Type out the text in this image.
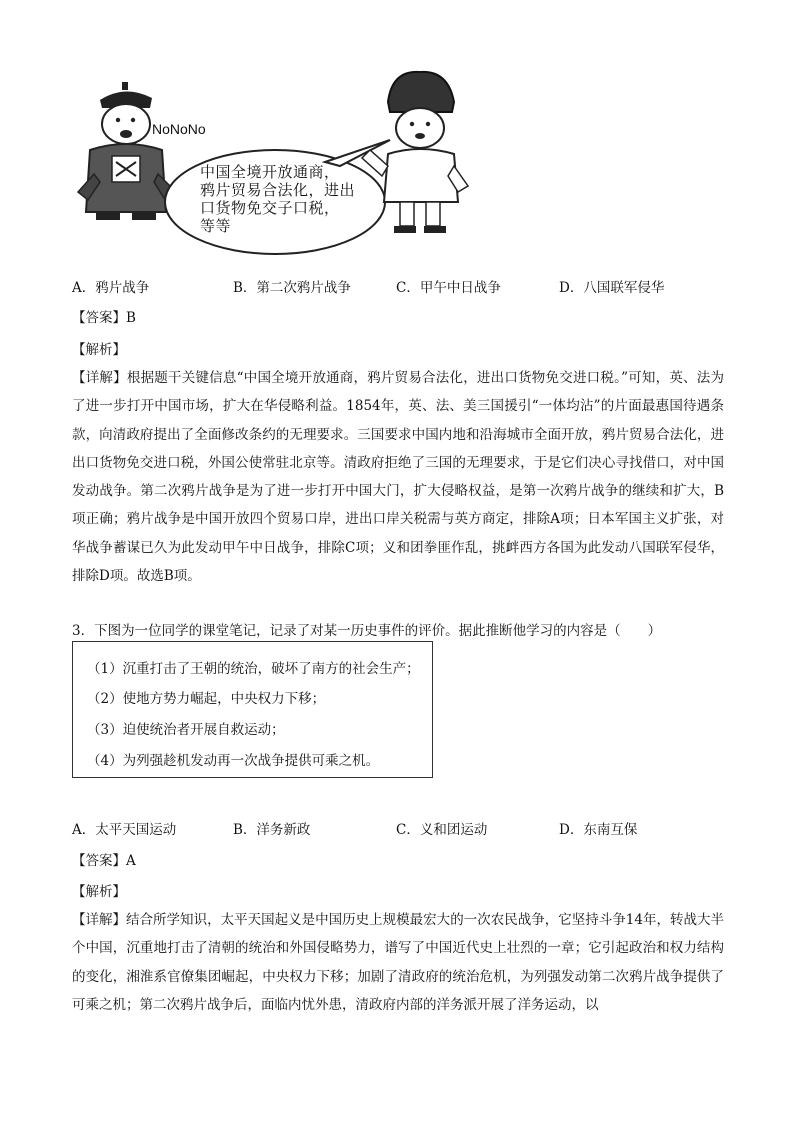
NoNoNo
中国全境开放通商，
鸦片贸易合法化，进出
口货物免交子口税，
等等
A．鸦片战争	B．第二次鸦片战争	C．甲午中日战争	D．八国联军侵华
【答案】B
【解析】
【详解】根据题干关键信息“中国全境开放通商，鸦片贸易合法化，进出口货物免交进口税。”可知，英、法为了进一步打开中国市场，扩大在华侵略利益。1854年，英、法、美三国援引“一体均沾”的片面最惠国待遇条款，向清政府提出了全面修改条约的无理要求。三国要求中国内地和沿海城市全面开放，鸦片贸易合法化，进出口货物免交进口税，外国公使常驻北京等。清政府拒绝了三国的无理要求，于是它们决心寻找借口，对中国发动战争。第二次鸦片战争是为了进一步打开中国大门，扩大侵略权益，是第一次鸦片战争的继续和扩大，B项正确；鸦片战争是中国开放四个贸易口岸，进出口岸关税需与英方商定，排除A项；日本军国主义扩张，对华战争蓄谋已久为此发动甲午中日战争，排除C项；义和团拳匪作乱，挑衅西方各国为此发动八国联军侵华，排除D项。故选B项。
3．下图为一位同学的课堂笔记，记录了对某一历史事件的评价。据此推断他学习的内容是（　　）
（1）沉重打击了王朝的统治，破坏了南方的社会生产；
（2）使地方势力崛起，中央权力下移；
（3）迫使统治者开展自救运动；
（4）为列强趁机发动再一次战争提供可乘之机。
A．太平天国运动	B．洋务新政	C．义和团运动	D．东南互保
【答案】A
【解析】
【详解】结合所学知识，太平天国起义是中国历史上规模最宏大的一次农民战争，它坚持斗争14年，转战大半个中国，沉重地打击了清朝的统治和外国侵略势力，谱写了中国近代史上壮烈的一章；它引起政治和权力结构的变化，湘淮系官僚集团崛起，中央权力下移；加剧了清政府的统治危机，为列强发动第二次鸦片战争提供了可乘之机；第二次鸦片战争后，面临内忧外患，清政府内部的洋务派开展了洋务运动，以
